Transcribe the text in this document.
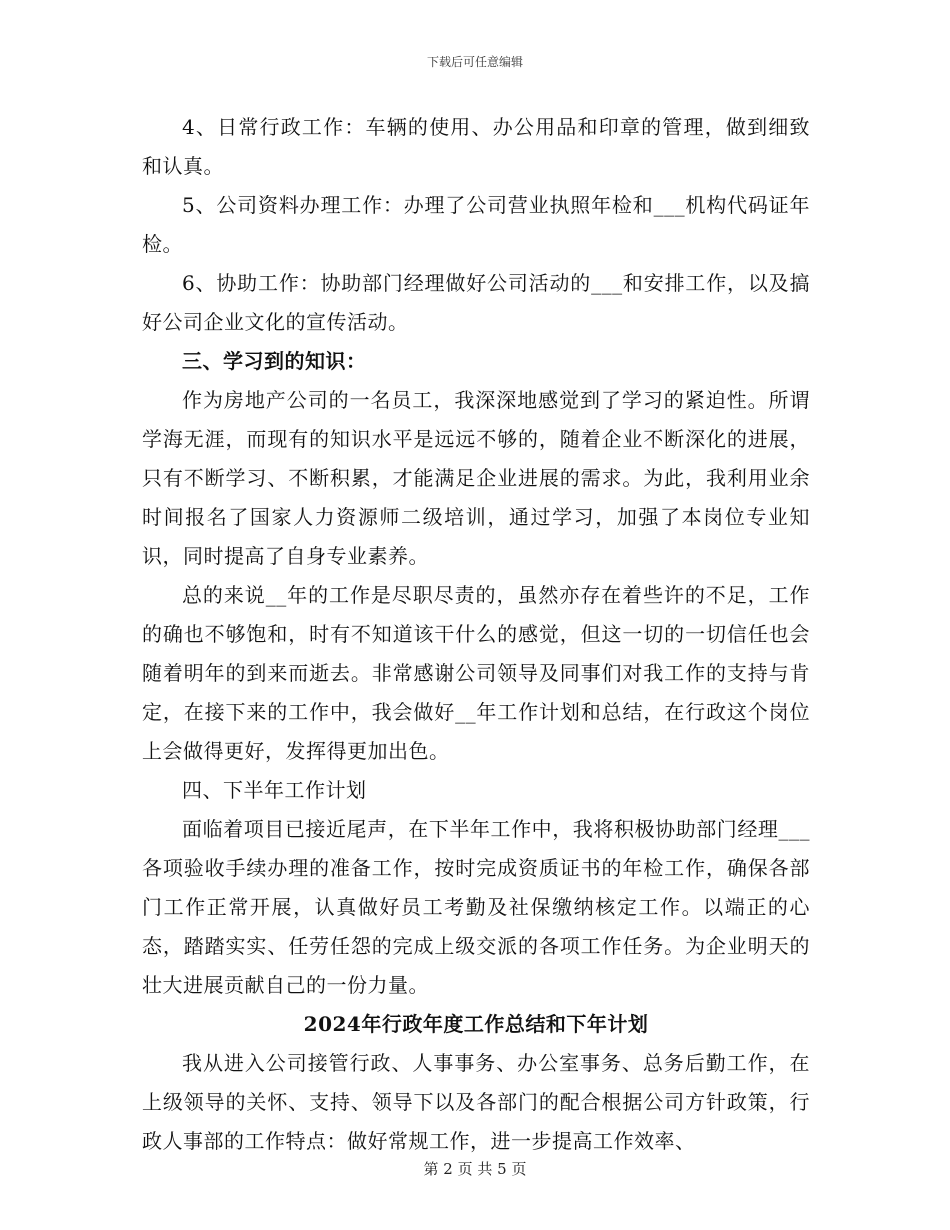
下载后可任意编辑

4、日常行政工作：车辆的使用、办公用品和印章的管理，做到细致和认真。

5、公司资料办理工作：办理了公司营业执照年检和___机构代码证年检。

6、协助工作：协助部门经理做好公司活动的___和安排工作，以及搞好公司企业文化的宣传活动。

三、学习到的知识：

作为房地产公司的一名员工，我深深地感觉到了学习的紧迫性。所谓学海无涯，而现有的知识水平是远远不够的，随着企业不断深化的进展，只有不断学习、不断积累，才能满足企业进展的需求。为此，我利用业余时间报名了国家人力资源师二级培训，通过学习，加强了本岗位专业知识，同时提高了自身专业素养。

总的来说__年的工作是尽职尽责的，虽然亦存在着些许的不足，工作的确也不够饱和，时有不知道该干什么的感觉，但这一切的一切信任也会随着明年的到来而逝去。非常感谢公司领导及同事们对我工作的支持与肯定，在接下来的工作中，我会做好__年工作计划和总结，在行政这个岗位上会做得更好，发挥得更加出色。

四、下半年工作计划

面临着项目已接近尾声，在下半年工作中，我将积极协助部门经理___各项验收手续办理的准备工作，按时完成资质证书的年检工作，确保各部门工作正常开展，认真做好员工考勤及社保缴纳核定工作。以端正的心态，踏踏实实、任劳任怨的完成上级交派的各项工作任务。为企业明天的壮大进展贡献自己的一份力量。

2024年行政年度工作总结和下年计划

我从进入公司接管行政、人事事务、办公室事务、总务后勤工作，在上级领导的关怀、支持、领导下以及各部门的配合根据公司方针政策，行政人事部的工作特点：做好常规工作，进一步提高工作效率、

第 2 页 共 5 页
